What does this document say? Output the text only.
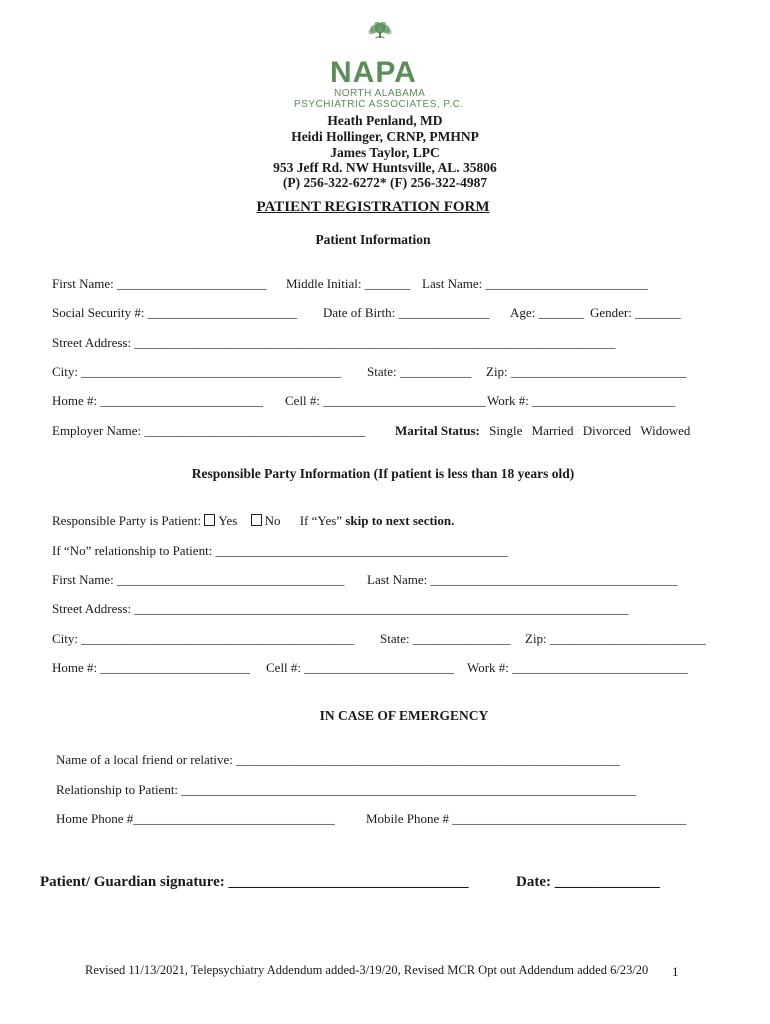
NAPA
NORTH ALABAMA
PSYCHIATRIC ASSOCIATES, P.C.
Heath Penland, MD
Heidi Hollinger, CRNP, PMHNP
James Taylor, LPC
953 Jeff Rd. NW Huntsville, AL. 35806
(P) 256-322-6272* (F) 256-322-4987
PATIENT REGISTRATION FORM
Patient Information
First Name: _______________________ Middle Initial: _______ Last Name: _________________________
Social Security #: _______________________ Date of Birth: ______________ Age: _______ Gender: _______
Street Address: __________________________________________________________________________
City: ________________________________________ State: ___________ Zip: ___________________________
Home #: _________________________ Cell #: _________________________ Work #: ______________________
Employer Name: __________________________________ Marital Status: Single Married Divorced Widowed
Responsible Party Information (If patient is less than 18 years old)
Responsible Party is Patient: Yes No If “Yes” skip to next section.
If “No” relationship to Patient: _____________________________________________
First Name: ___________________________________ Last Name: ______________________________________
Street Address: ____________________________________________________________________________
City: __________________________________________ State: _______________ Zip: ________________________
Home #: _______________________ Cell #: _______________________ Work #: ___________________________
IN CASE OF EMERGENCY
Name of a local friend or relative: ___________________________________________________________
Relationship to Patient: ______________________________________________________________________
Home Phone #_______________________________ Mobile Phone # ____________________________________
Patient/ Guardian signature: ________________________________	Date: ______________
Revised 11/13/2021, Telepsychiatry Addendum added-3/19/20, Revised MCR Opt out Addendum added 6/23/20 1
